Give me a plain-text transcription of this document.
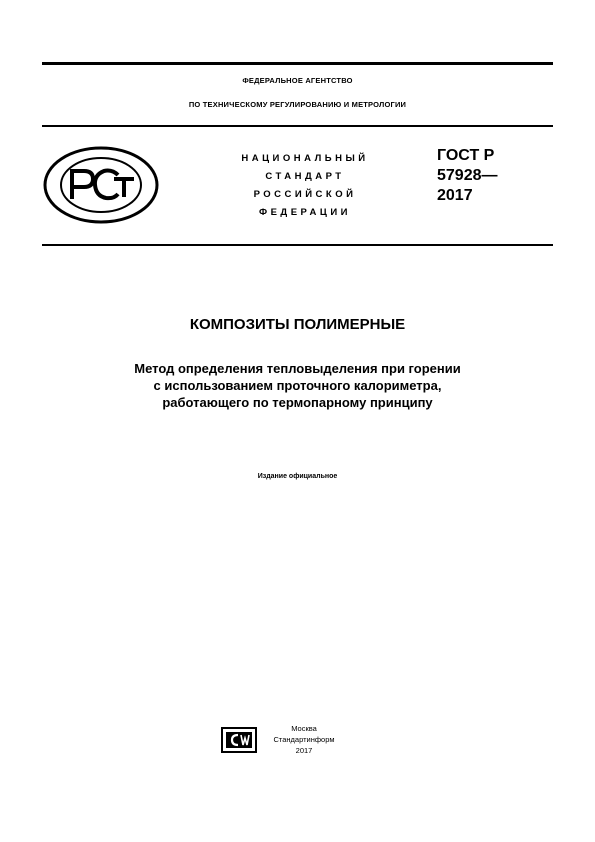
ФЕДЕРАЛЬНОЕ АГЕНТСТВО
ПО ТЕХНИЧЕСКОМУ РЕГУЛИРОВАНИЮ И МЕТРОЛОГИИ
РСТ
НАЦИОНАЛЬНЫЙ
СТАНДАРТ
РОССИЙСКОЙ
ФЕДЕРАЦИИ
ГОСТ Р
57928—
2017
КОМПОЗИТЫ ПОЛИМЕРНЫЕ
Метод определения тепловыделения при горении
с использованием проточного калориметра,
работающего по термопарному принципу
Издание официальное
Москва
Стандартинформ
2017
